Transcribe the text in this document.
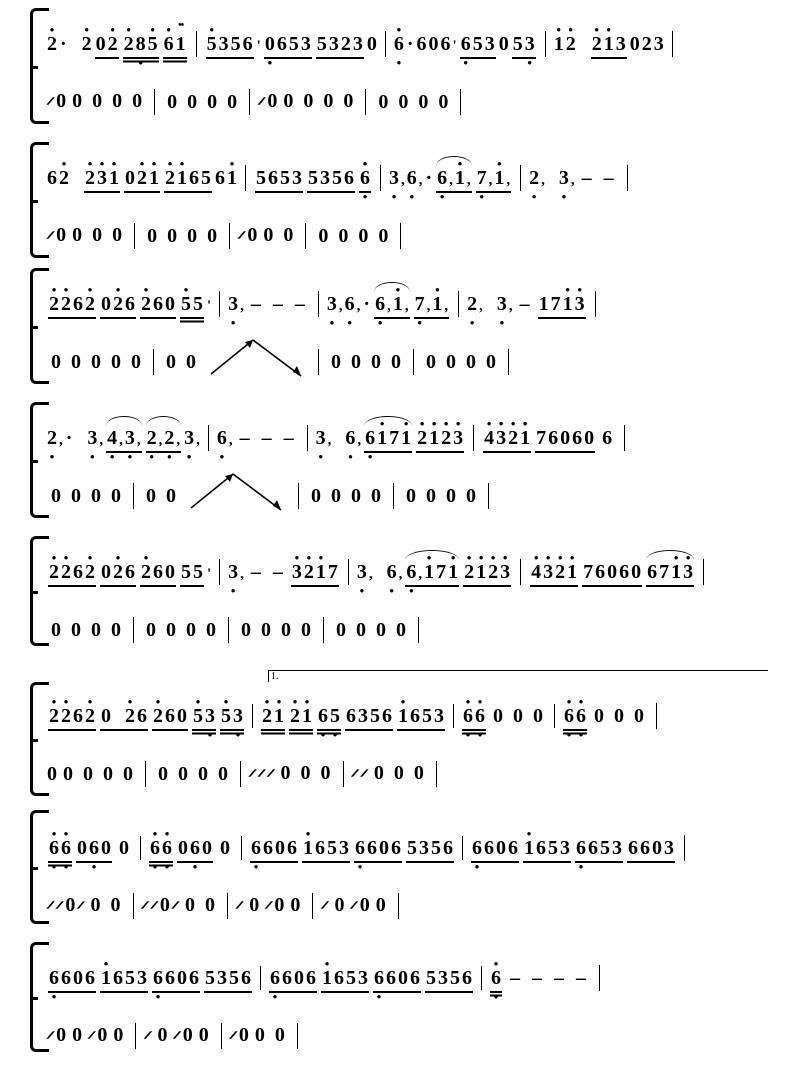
• 2 · • 2 0 • 2 • 2 8 • • 5 • 6 •• 1 • 5 3 5 6 ' 0 • 6 5 3 5 3 2 3 0 • 6 • · 6 0 6 ' 6 • 5 3 0 5 3 • • 1 • 2 • 2 • 1 3 0 2 3
𝄍 0 0 0 0 0 0 0 0 0 𝄍 0 0 0 0 0 0 0 0 0
6 • 2 • 2 • 3 • 1 0 • 2 • 1 • 2 • 1 6 5 6 • 1 5 6 5 3 5 3 5 6 • 6 • 3 • , 6 • , · 6 • , • 1 , 7 • , • 1 , 2 • , 3 • , – –
𝄍 0 0 0 0 0 0 0 0 𝄍 0 0 0 0 0 0 0
• 2 • 2 6 • 2 0 • 2 6 • 2 6 0 • 5 5 ' 3 • , – – – 3 • , 6 • , · 6 • , • 1 , 7 • , • 1 , 2 • , 3 • , – 1 7 • 1 • 3
0 0 0 0 0 0 0	0 0 0 0 0 0 0 0
2 • , · 3 • , 4 • , 3 • , 2 • , 2 • , 3 • , 6 • , – – – 3 • , 6 • , 6 • • 1 7 • 1 • 2 • 1 • 2 • 3 • 4 • 3 • 2 • 1 7 6 0 6 0 6
0 0 0 0 0 0	0 0 0 0 0 0 0 0
• 2 • 2 6 • 2 0 • 2 6 • 2 6 0 5 5 ' 3 • , – – • 3 • 2 • 1 7 3 • , 6 • , 6 • , • 1 7 • 1 • 2 • 1 • 2 • 3 • 4 • 3 • 2 • 1 7 6 0 6 0 6 7 • 1 • 3
0 0 0 0 0 0 0 0 0 0 0 0 0 0 0 0
1.
• 2 • 2 6 • 2 0 • 2 6 • 2 6 0 • 5 3 • • 5 3 • • 2 • 1 • 2 • 1 6 • 5 • 6 3 5 6 • 1 6 5 3 • 6 • • 6 • 0 0 0 • 6 • • 6 • 0 0 0
0 0 0 0 0 0 0 0 0 𝄍 𝄍 𝄍 0 0 0 𝄍 𝄍 0 0 0
• 6 • • 6 • 0 6 • 0 0 • 6 • • 6 • 0 6 • 0 0 6 • 6 0 6 • 1 6 5 3 6 • 6 0 6 5 3 5 6 6 • 6 0 6 • 1 6 5 3 6 • 6 5 3 6 6 0 3
𝄍 𝄍 0 𝄍 0 0 𝄍 𝄍 0 𝄍 0 0 𝄍 0 𝄍 0 0 𝄍 0 𝄍 0 0
6 • 6 0 6 • 1 6 5 3 6 • 6 0 6 5 3 5 6 6 • 6 0 6 • 1 6 5 3 6 • 6 0 6 5 3 5 6 • 6 • – – – –
𝄍 0 0 𝄍 0 0 𝄍 0 𝄍 0 0 𝄍 0 0 0
